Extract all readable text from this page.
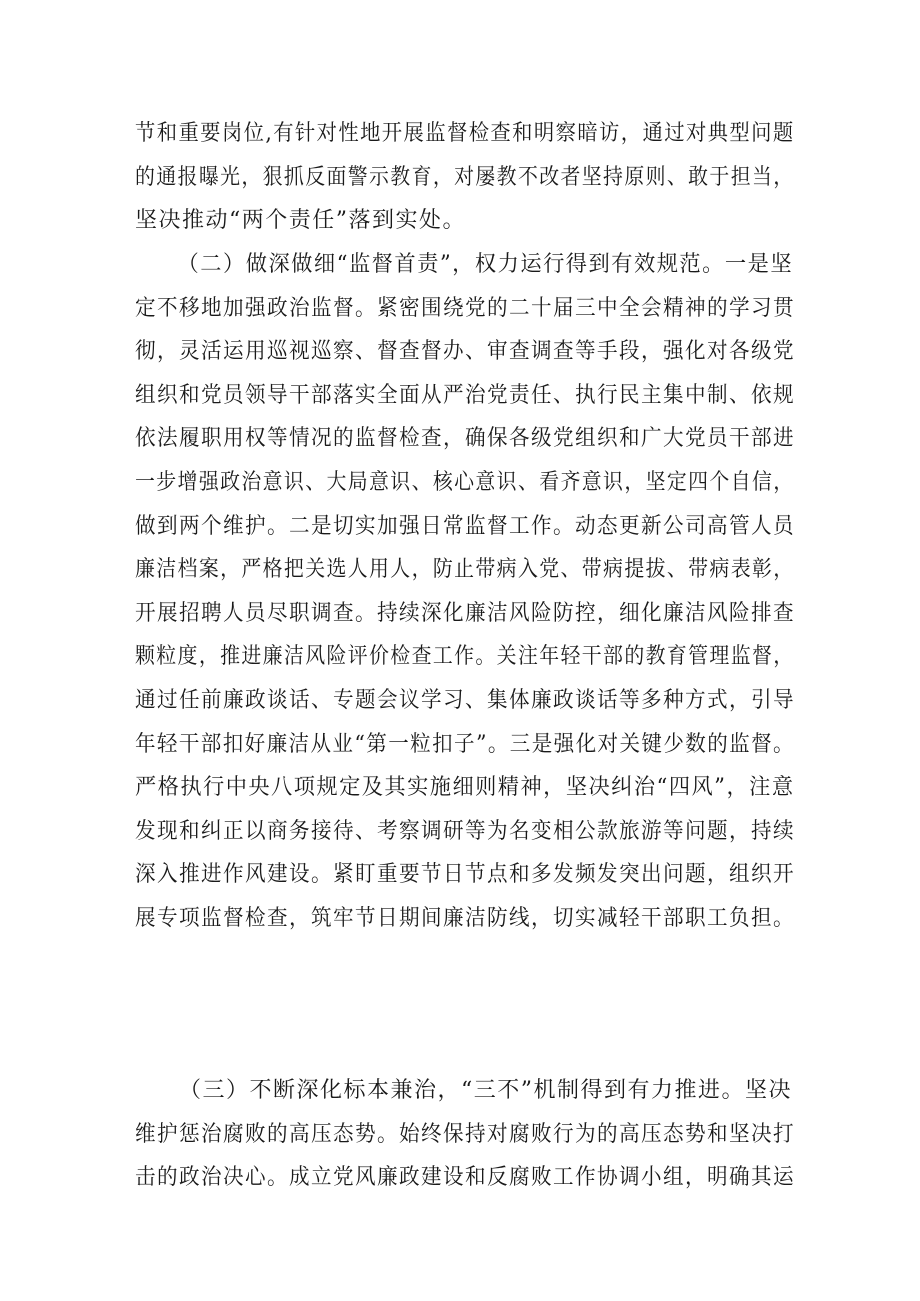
节和重要岗位,有针对性地开展监督检查和明察暗访，通过对典型问题
的通报曝光，狠抓反面警示教育，对屡教不改者坚持原则、敢于担当，
坚决推动“两个责任”落到实处。
（二）做深做细“监督首责”，权力运行得到有效规范。一是坚
定不移地加强政治监督。紧密围绕党的二十届三中全会精神的学习贯
彻，灵活运用巡视巡察、督查督办、审查调查等手段，强化对各级党
组织和党员领导干部落实全面从严治党责任、执行民主集中制、依规
依法履职用权等情况的监督检查，确保各级党组织和广大党员干部进
一步增强政治意识、大局意识、核心意识、看齐意识，坚定四个自信，
做到两个维护。二是切实加强日常监督工作。动态更新公司高管人员
廉洁档案，严格把关选人用人，防止带病入党、带病提拔、带病表彰，
开展招聘人员尽职调查。持续深化廉洁风险防控，细化廉洁风险排查
颗粒度，推进廉洁风险评价检查工作。关注年轻干部的教育管理监督，
通过任前廉政谈话、专题会议学习、集体廉政谈话等多种方式，引导
年轻干部扣好廉洁从业“第一粒扣子”。三是强化对关键少数的监督。
严格执行中央八项规定及其实施细则精神，坚决纠治“四风”，注意
发现和纠正以商务接待、考察调研等为名变相公款旅游等问题，持续
深入推进作风建设。紧盯重要节日节点和多发频发突出问题，组织开
展专项监督检查，筑牢节日期间廉洁防线，切实减轻干部职工负担。
（三）不断深化标本兼治，“三不”机制得到有力推进。坚决
维护惩治腐败的高压态势。始终保持对腐败行为的高压态势和坚决打
击的政治决心。成立党风廉政建设和反腐败工作协调小组，明确其运
